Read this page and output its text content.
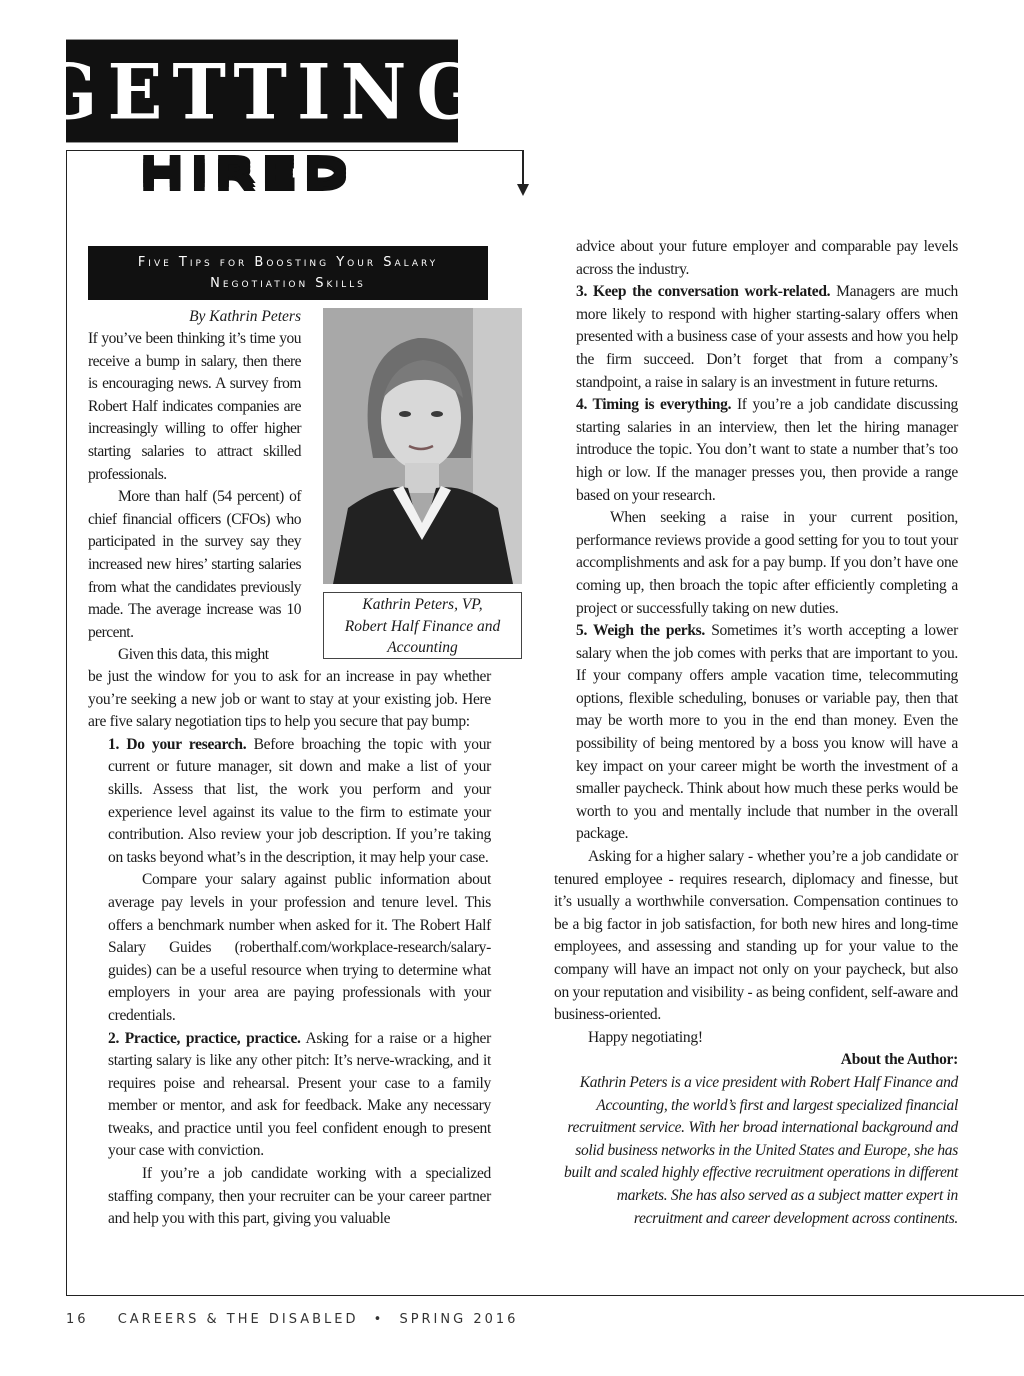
GETTING
HIRED
Five Tips for Boosting Your Salary
Negotiation Skills
By Kathrin Peters

If you’ve been thinking it’s time you receive a bump in salary, then there is encouraging news. A survey from Robert Half indicates companies are increasingly willing to offer higher starting salaries to attract skilled professionals.

More than half (54 percent) of chief financial officers (CFOs) who participated in the survey say they increased new hires’ starting salaries from what the candidates previously made. The average increase was 10 percent.

Given this data, this might

Kathrin Peters, VP,
Robert Half Finance and
Accounting

be just the window for you to ask for an increase in pay whether you’re seeking a new job or want to stay at your existing job. Here are five salary negotiation tips to help you secure that pay bump:

1. Do your research. Before broaching the topic with your current or future manager, sit down and make a list of your skills. Assess that list, the work you perform and your experience level against its value to the firm to estimate your contribution. Also review your job description. If you’re taking on tasks beyond what’s in the description, it may help your case.

Compare your salary against public information about average pay levels in your profession and tenure level. This offers a benchmark number when asked for it. The Robert Half Salary Guides (roberthalf.com/workplace-research/salary-guides) can be a useful resource when trying to determine what employers in your area are paying professionals with your credentials.

2. Practice, practice, practice. Asking for a raise or a higher starting salary is like any other pitch: It’s nerve-wracking, and it requires poise and rehearsal. Present your case to a family member or mentor, and ask for feedback. Make any necessary tweaks, and practice until you feel confident enough to present your case with conviction.

If you’re a job candidate working with a specialized staffing company, then your recruiter can be your career partner and help you with this part, giving you valuable

advice about your future employer and comparable pay levels across the industry.

3. Keep the conversation work-related. Managers are much more likely to respond with higher starting-salary offers when presented with a business case of your assests and how you help the firm succeed. Don’t forget that from a company’s standpoint, a raise in salary is an investment in future returns.

4. Timing is everything. If you’re a job candidate discussing starting salaries in an interview, then let the hiring manager introduce the topic. You don’t want to state a number that’s too high or low. If the manager presses you, then provide a range based on your research.

When seeking a raise in your current position, performance reviews provide a good setting for you to tout your accomplishments and ask for a pay bump. If you don’t have one coming up, then broach the topic after efficiently completing a project or successfully taking on new duties.

5. Weigh the perks. Sometimes it’s worth accepting a lower salary when the job comes with perks that are important to you. If your company offers ample vacation time, telecommuting options, flexible scheduling, bonuses or variable pay, then that may be worth more to you in the end than money. Even the possibility of being mentored by a boss you know will have a key impact on your career might be worth the investment of a smaller paycheck. Think about how much these perks would be worth to you and mentally include that number in the overall package.

Asking for a higher salary - whether you’re a job candidate or tenured employee - requires research, diplomacy and finesse, but it’s usually a worthwhile conversation. Compensation continues to be a big factor in job satisfaction, for both new hires and long-time employees, and assessing and standing up for your value to the company will have an impact not only on your paycheck, but also on your reputation and visibility - as being confident, self-aware and business-oriented.

Happy negotiating!

About the Author:

Kathrin Peters is a vice president with Robert Half Finance and Accounting, the world’s first and largest specialized financial recruitment service. With her broad international background and solid business networks in the United States and Europe, she has built and scaled highly effective recruitment operations in different markets. She has also served as a subject matter expert in recruitment and career development across continents.

16 CAREERS & THE DISABLED • SPRING 2016
